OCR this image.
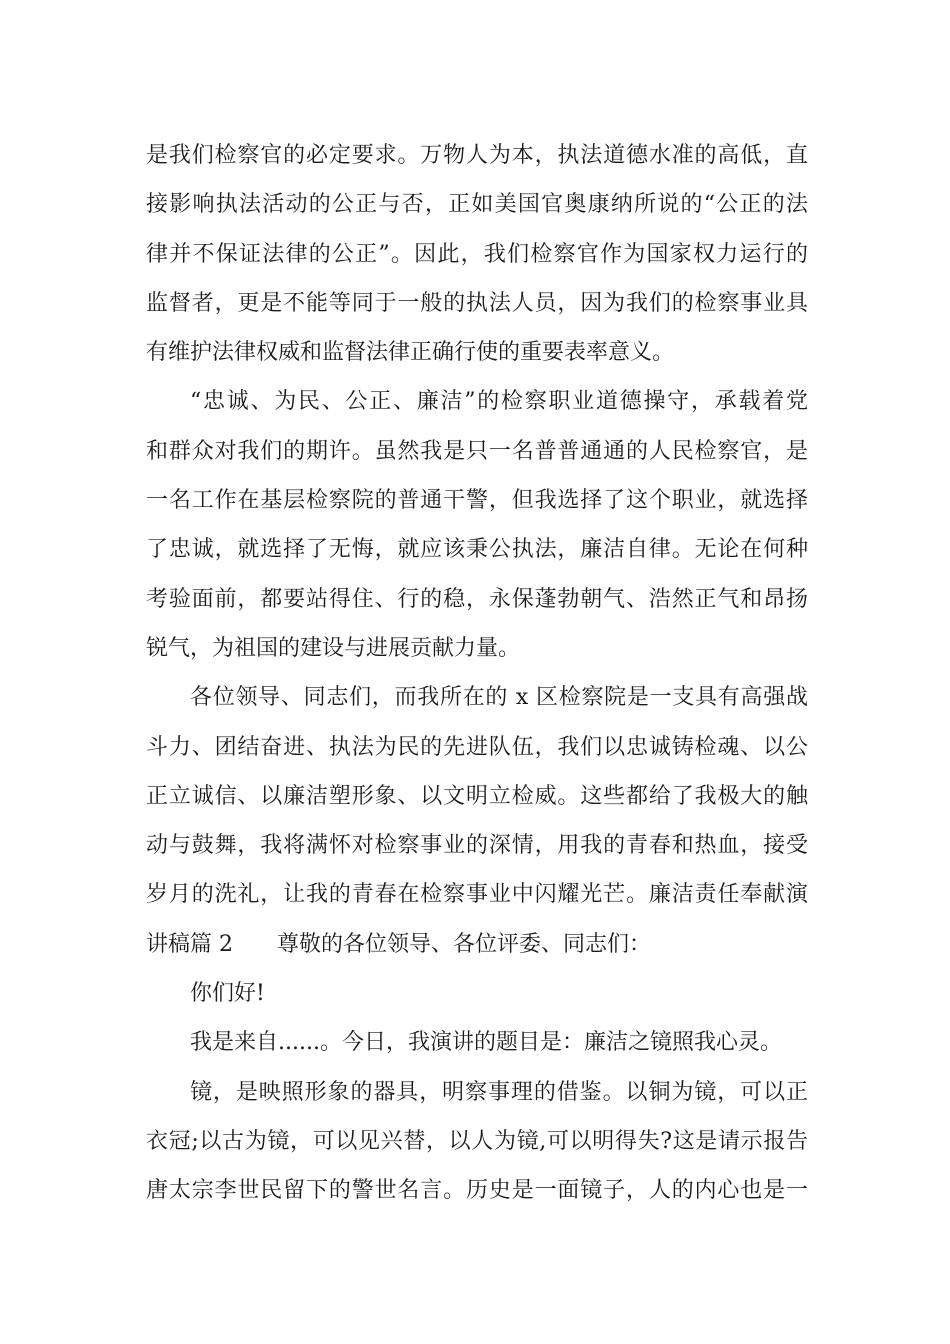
是我们检察官的必定要求。万物人为本，执法道德水准的高低，直
接影响执法活动的公正与否，正如美国官奥康纳所说的“公正的法
律并不保证法律的公正”。因此，我们检察官作为国家权力运行的
监督者，更是不能等同于一般的执法人员，因为我们的检察事业具
有维护法律权威和监督法律正确行使的重要表率意义。
“忠诚、为民、公正、廉洁”的检察职业道德操守，承载着党
和群众对我们的期许。虽然我是只一名普普通通的人民检察官，是
一名工作在基层检察院的普通干警，但我选择了这个职业，就选择
了忠诚，就选择了无悔，就应该秉公执法，廉洁自律。无论在何种
考验面前，都要站得住、行的稳，永保蓬勃朝气、浩然正气和昂扬
锐气，为祖国的建设与进展贡献力量。
各位领导、同志们，而我所在的 x 区检察院是一支具有高强战
斗力、团结奋进、执法为民的先进队伍，我们以忠诚铸检魂、以公
正立诚信、以廉洁塑形象、以文明立检威。这些都给了我极大的触
动与鼓舞，我将满怀对检察事业的深情，用我的青春和热血，接受
岁月的洗礼，让我的青春在检察事业中闪耀光芒。廉洁责任奉献演
讲稿篇 2　　尊敬的各位领导、各位评委、同志们：
你们好!
我是来自......。今日，我演讲的题目是：廉洁之镜照我心灵。
镜，是映照形象的器具，明察事理的借鉴。以铜为镜，可以正
衣冠;以古为镜，可以见兴替，以人为镜,可以明得失?这是请示报告
唐太宗李世民留下的警世名言。历史是一面镜子，人的内心也是一
